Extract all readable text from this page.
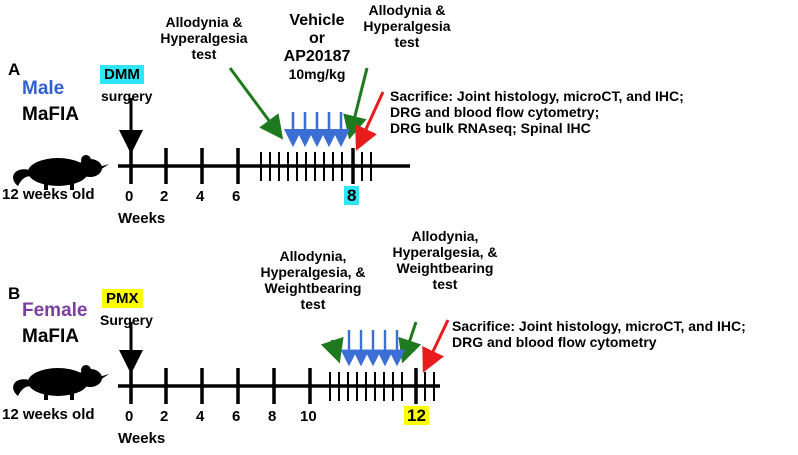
A
Male
MaFIA
12 weeks old
DMM
surgery
Allodynia &
Hyperalgesia
test
Vehicle
or
AP20187
10mg/kg
Allodynia &
Hyperalgesia
test
Sacrifice: Joint histology, microCT, and IHC;
DRG and blood flow cytometry;
DRG bulk RNAseq; Spinal IHC
0 2 4 6	8
Weeks
B
Female
MaFIA
12 weeks old
PMX
Surgery
Allodynia,
Hyperalgesia, &
Weightbearing
test
Allodynia,
Hyperalgesia, &
Weightbearing
test
Sacrifice: Joint histology, microCT, and IHC;
DRG and blood flow cytometry
0 2 4 6 8 10	12
Weeks
